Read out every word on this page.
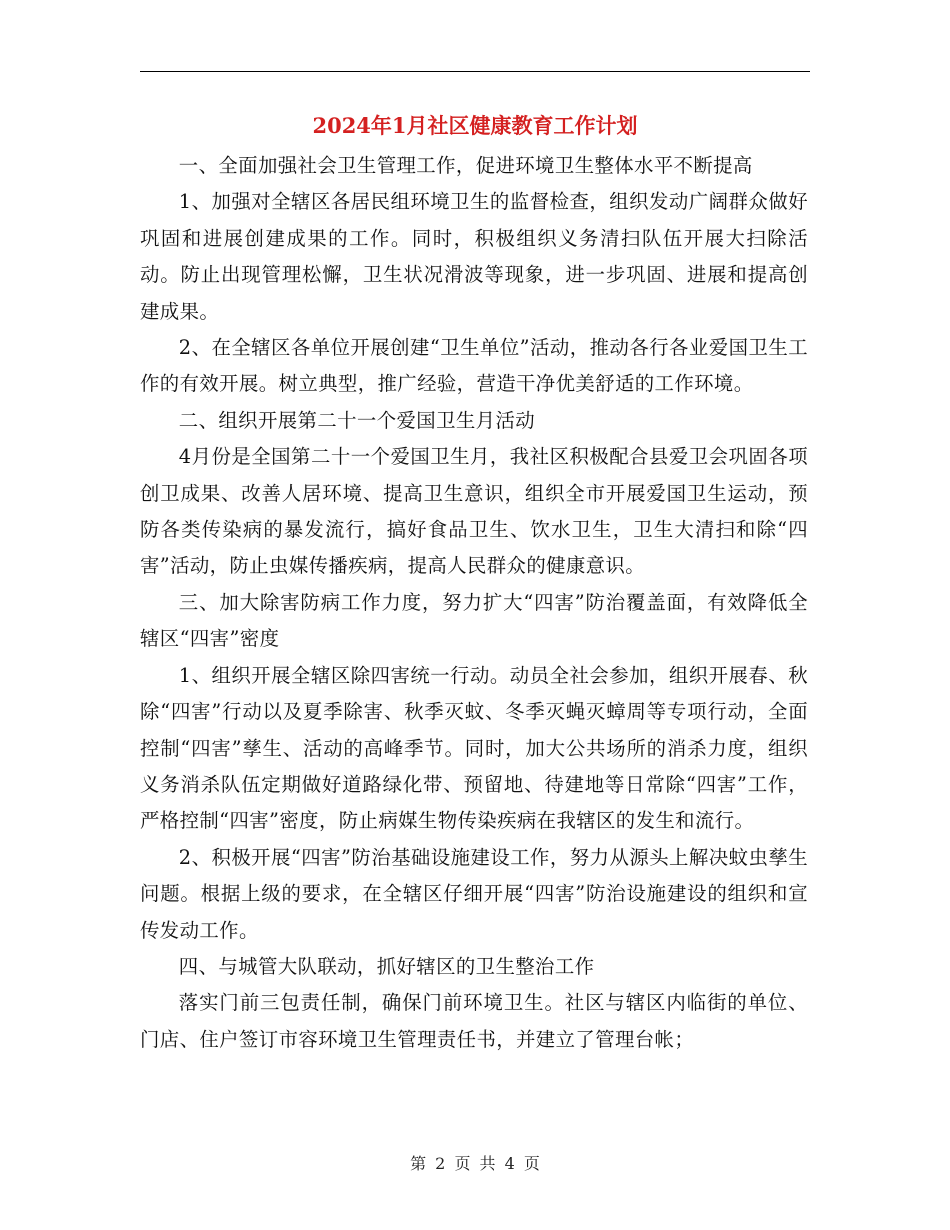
2024年1月社区健康教育工作计划

一、全面加强社会卫生管理工作，促进环境卫生整体水平不断提高

1、加强对全辖区各居民组环境卫生的监督检查，组织发动广阔群众做好巩固和进展创建成果的工作。同时，积极组织义务清扫队伍开展大扫除活动。防止出现管理松懈，卫生状况滑波等现象，进一步巩固、进展和提高创建成果。

2、在全辖区各单位开展创建“卫生单位”活动，推动各行各业爱国卫生工作的有效开展。树立典型，推广经验，营造干净优美舒适的工作环境。

二、组织开展第二十一个爱国卫生月活动

4月份是全国第二十一个爱国卫生月，我社区积极配合县爱卫会巩固各项创卫成果、改善人居环境、提高卫生意识，组织全市开展爱国卫生运动，预防各类传染病的暴发流行，搞好食品卫生、饮水卫生，卫生大清扫和除“四害”活动，防止虫媒传播疾病，提高人民群众的健康意识。

三、加大除害防病工作力度，努力扩大“四害”防治覆盖面，有效降低全辖区“四害”密度

1、组织开展全辖区除四害统一行动。动员全社会参加，组织开展春、秋除“四害”行动以及夏季除害、秋季灭蚊、冬季灭蝇灭蟑周等专项行动，全面控制“四害”孳生、活动的高峰季节。同时，加大公共场所的消杀力度，组织义务消杀队伍定期做好道路绿化带、预留地、待建地等日常除“四害”工作，严格控制“四害”密度，防止病媒生物传染疾病在我辖区的发生和流行。

2、积极开展“四害”防治基础设施建设工作，努力从源头上解决蚊虫孳生问题。根据上级的要求，在全辖区仔细开展“四害”防治设施建设的组织和宣传发动工作。

四、与城管大队联动，抓好辖区的卫生整治工作

落实门前三包责任制，确保门前环境卫生。社区与辖区内临街的单位、门店、住户签订市容环境卫生管理责任书，并建立了管理台帐；

第 2 页 共 4 页
